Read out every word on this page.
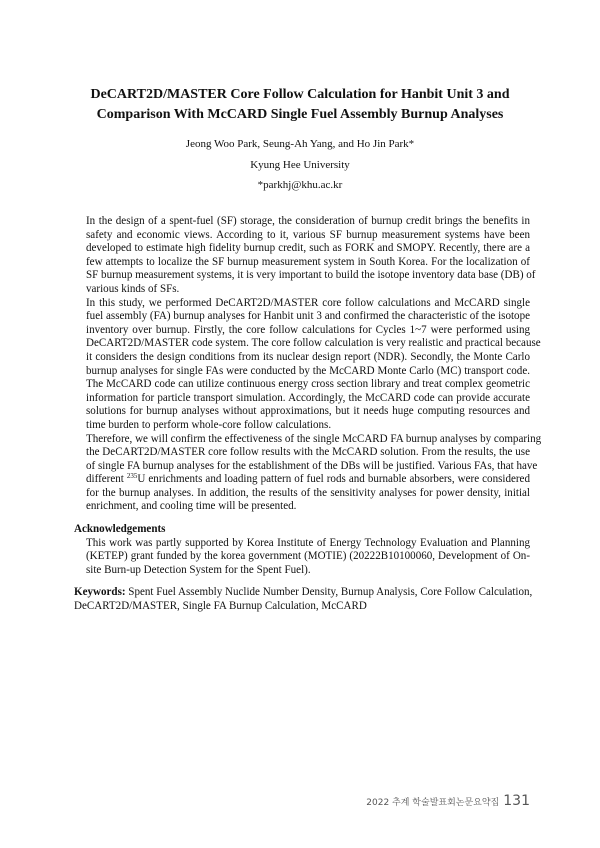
DeCART2D/MASTER Core Follow Calculation for Hanbit Unit 3 and
Comparison With McCARD Single Fuel Assembly Burnup Analyses
Jeong Woo Park, Seung-Ah Yang, and Ho Jin Park*
Kyung Hee University
*parkhj@khu.ac.kr
In the design of a spent-fuel (SF) storage, the consideration of burnup credit brings the benefits in
safety and economic views. According to it, various SF burnup measurement systems have been
developed to estimate high fidelity burnup credit, such as FORK and SMOPY. Recently, there are a
few attempts to localize the SF burnup measurement system in South Korea. For the localization of
SF burnup measurement systems, it is very important to build the isotope inventory data base (DB) of
various kinds of SFs.
In this study, we performed DeCART2D/MASTER core follow calculations and McCARD single
fuel assembly (FA) burnup analyses for Hanbit unit 3 and confirmed the characteristic of the isotope
inventory over burnup. Firstly, the core follow calculations for Cycles 1~7 were performed using
DeCART2D/MASTER code system. The core follow calculation is very realistic and practical because
it considers the design conditions from its nuclear design report (NDR). Secondly, the Monte Carlo
burnup analyses for single FAs were conducted by the McCARD Monte Carlo (MC) transport code.
The McCARD code can utilize continuous energy cross section library and treat complex geometric
information for particle transport simulation. Accordingly, the McCARD code can provide accurate
solutions for burnup analyses without approximations, but it needs huge computing resources and
time burden to perform whole-core follow calculations.
Therefore, we will confirm the effectiveness of the single McCARD FA burnup analyses by comparing
the DeCART2D/MASTER core follow results with the McCARD solution. From the results, the use
of single FA burnup analyses for the establishment of the DBs will be justified. Various FAs, that have
different $^{235}$U enrichments and loading pattern of fuel rods and burnable absorbers, were considered
for the burnup analyses. In addition, the results of the sensitivity analyses for power density, initial
enrichment, and cooling time will be presented.
Acknowledgements
This work was partly supported by Korea Institute of Energy Technology Evaluation and Planning
(KETEP) grant funded by the korea government (MOTIE) (20222B10100060, Development of On-
site Burn-up Detection System for the Spent Fuel).
Keywords: Spent Fuel Assembly Nuclide Number Density, Burnup Analysis, Core Follow Calculation,
DeCART2D/MASTER, Single FA Burnup Calculation, McCARD
2022 추계 학술발표회논문요약집 131
